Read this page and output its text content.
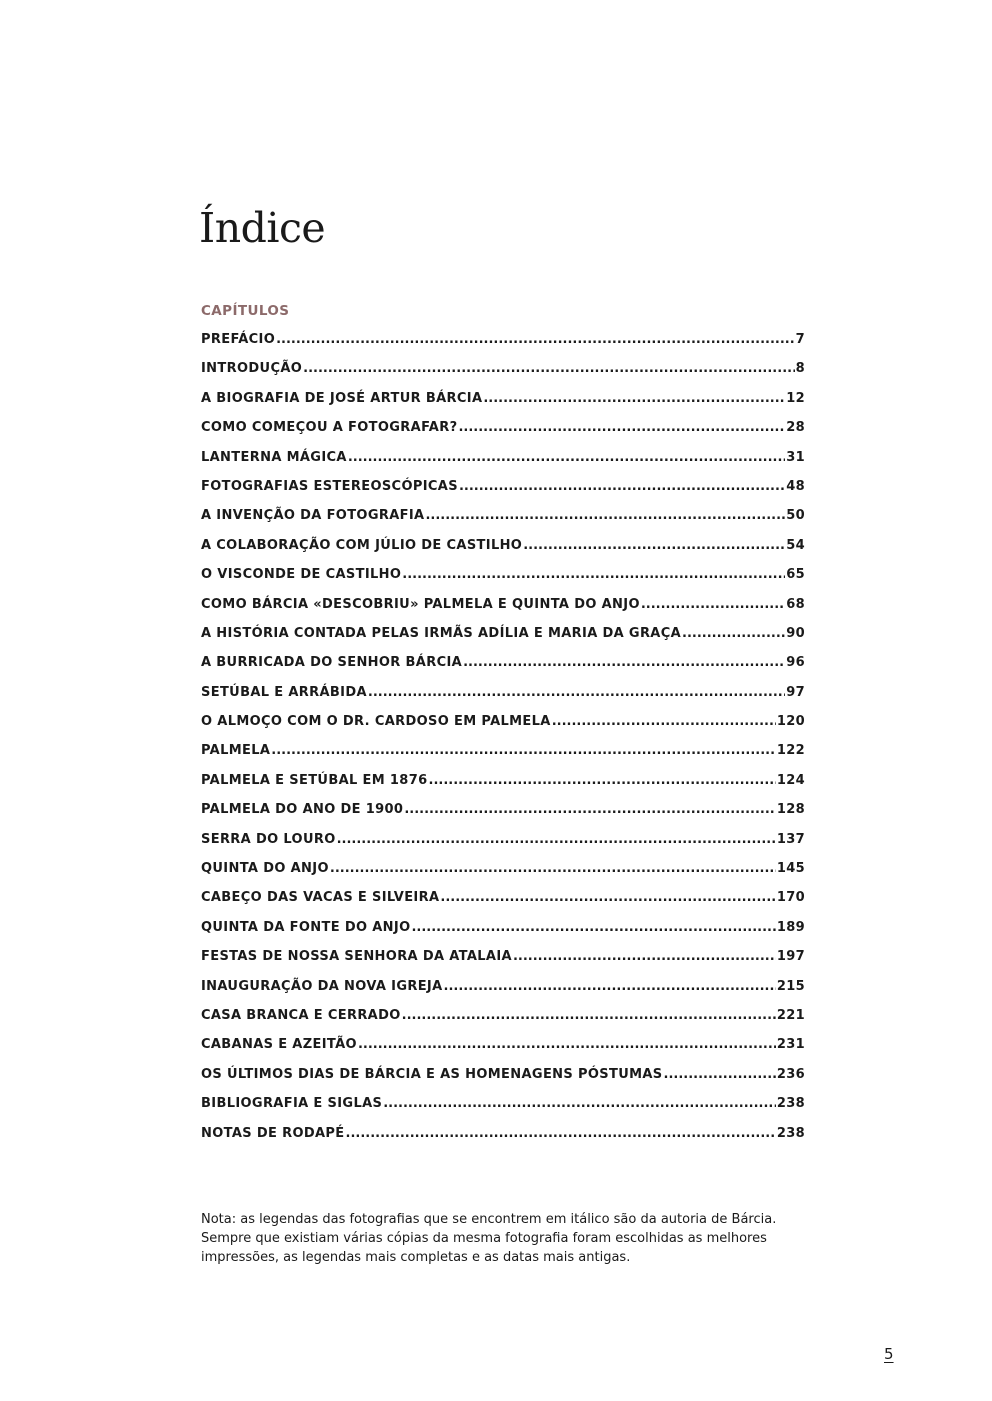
Índice
CAPÍTULOS
PREFÁCIO .....	7
INTRODUÇÃO .....	8
A BIOGRAFIA DE JOSÉ ARTUR BÁRCIA .....	12
COMO COMEÇOU A FOTOGRAFAR? .....	28
LANTERNA MÁGICA .....	31
FOTOGRAFIAS ESTEREOSCÓPICAS .....	48
A INVENÇÃO DA FOTOGRAFIA .....	50
A COLABORAÇÃO COM JÚLIO DE CASTILHO .....	54
O VISCONDE DE CASTILHO .....	65
COMO BÁRCIA «DESCOBRIU» PALMELA E QUINTA DO ANJO .....	68
A HISTÓRIA CONTADA PELAS IRMÃS ADÍLIA E MARIA DA GRAÇA .....	90
A BURRICADA DO SENHOR BÁRCIA .....	96
SETÚBAL E ARRÁBIDA .....	97
O ALMOÇO COM O DR. CARDOSO EM PALMELA .....	120
PALMELA .....	122
PALMELA E SETÚBAL EM 1876 .....	124
PALMELA DO ANO DE 1900 .....	128
SERRA DO LOURO .....	137
QUINTA DO ANJO .....	145
CABEÇO DAS VACAS E SILVEIRA .....	170
QUINTA DA FONTE DO ANJO .....	189
FESTAS DE NOSSA SENHORA DA ATALAIA .....	197
INAUGURAÇÃO DA NOVA IGREJA .....	215
CASA BRANCA E CERRADO .....	221
CABANAS E AZEITÃO .....	231
OS ÚLTIMOS DIAS DE BÁRCIA E AS HOMENAGENS PÓSTUMAS .....	236
BIBLIOGRAFIA E SIGLAS .....	238
NOTAS DE RODAPÉ .....	238

Nota: as legendas das fotografias que se encontrem em itálico são da autoria de Bárcia.

Sempre que existiam várias cópias da mesma fotografia foram escolhidas as melhores

impressões, as legendas mais completas e as datas mais antigas.

5
